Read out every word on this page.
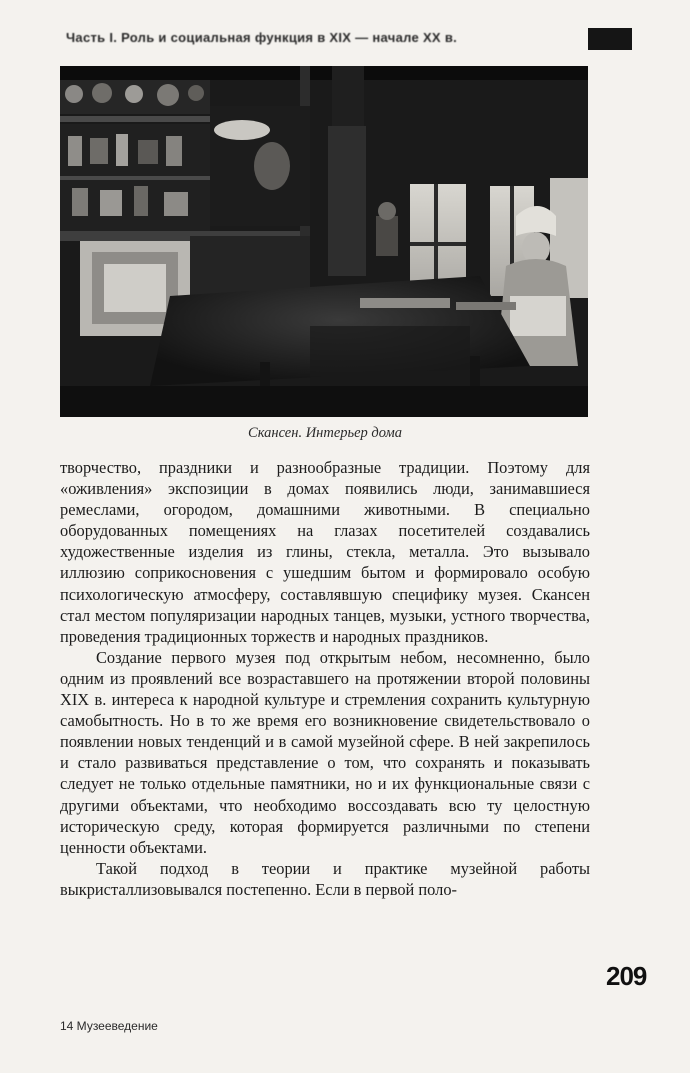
Часть I. Роль и социальная функция в XIX — начале XX в.
Скансен. Интерьер дома

творчество, праздники и разнообразные традиции. Поэтому для «оживления» экспозиции в домах появились люди, занимавшиеся ремеслами, огородом, домашними животными. В специально оборудованных помещениях на глазах посетителей создавались художественные изделия из глины, стекла, металла. Это вызывало иллюзию соприкосновения с ушедшим бытом и формировало особую психологическую атмосферу, составлявшую специфику музея. Скансен стал местом популяризации народных танцев, музыки, устного творчества, проведения традиционных торжеств и народных праздников.

Создание первого музея под открытым небом, несомненно, было одним из проявлений все возраставшего на протяжении второй половины XIX в. интереса к народной культуре и стремления сохранить культурную самобытность. Но в то же время его возникновение свидетельствовало о появлении новых тенденций и в самой музейной сфере. В ней закрепилось и стало развиваться представление о том, что сохранять и показывать следует не только отдельные памятники, но и их функциональные связи с другими объектами, что необходимо воссоздавать всю ту целостную историческую среду, которая формируется различными по степени ценности объектами.

Такой подход в теории и практике музейной работы выкристаллизовывался постепенно. Если в первой поло-

209
14 Музееведение
